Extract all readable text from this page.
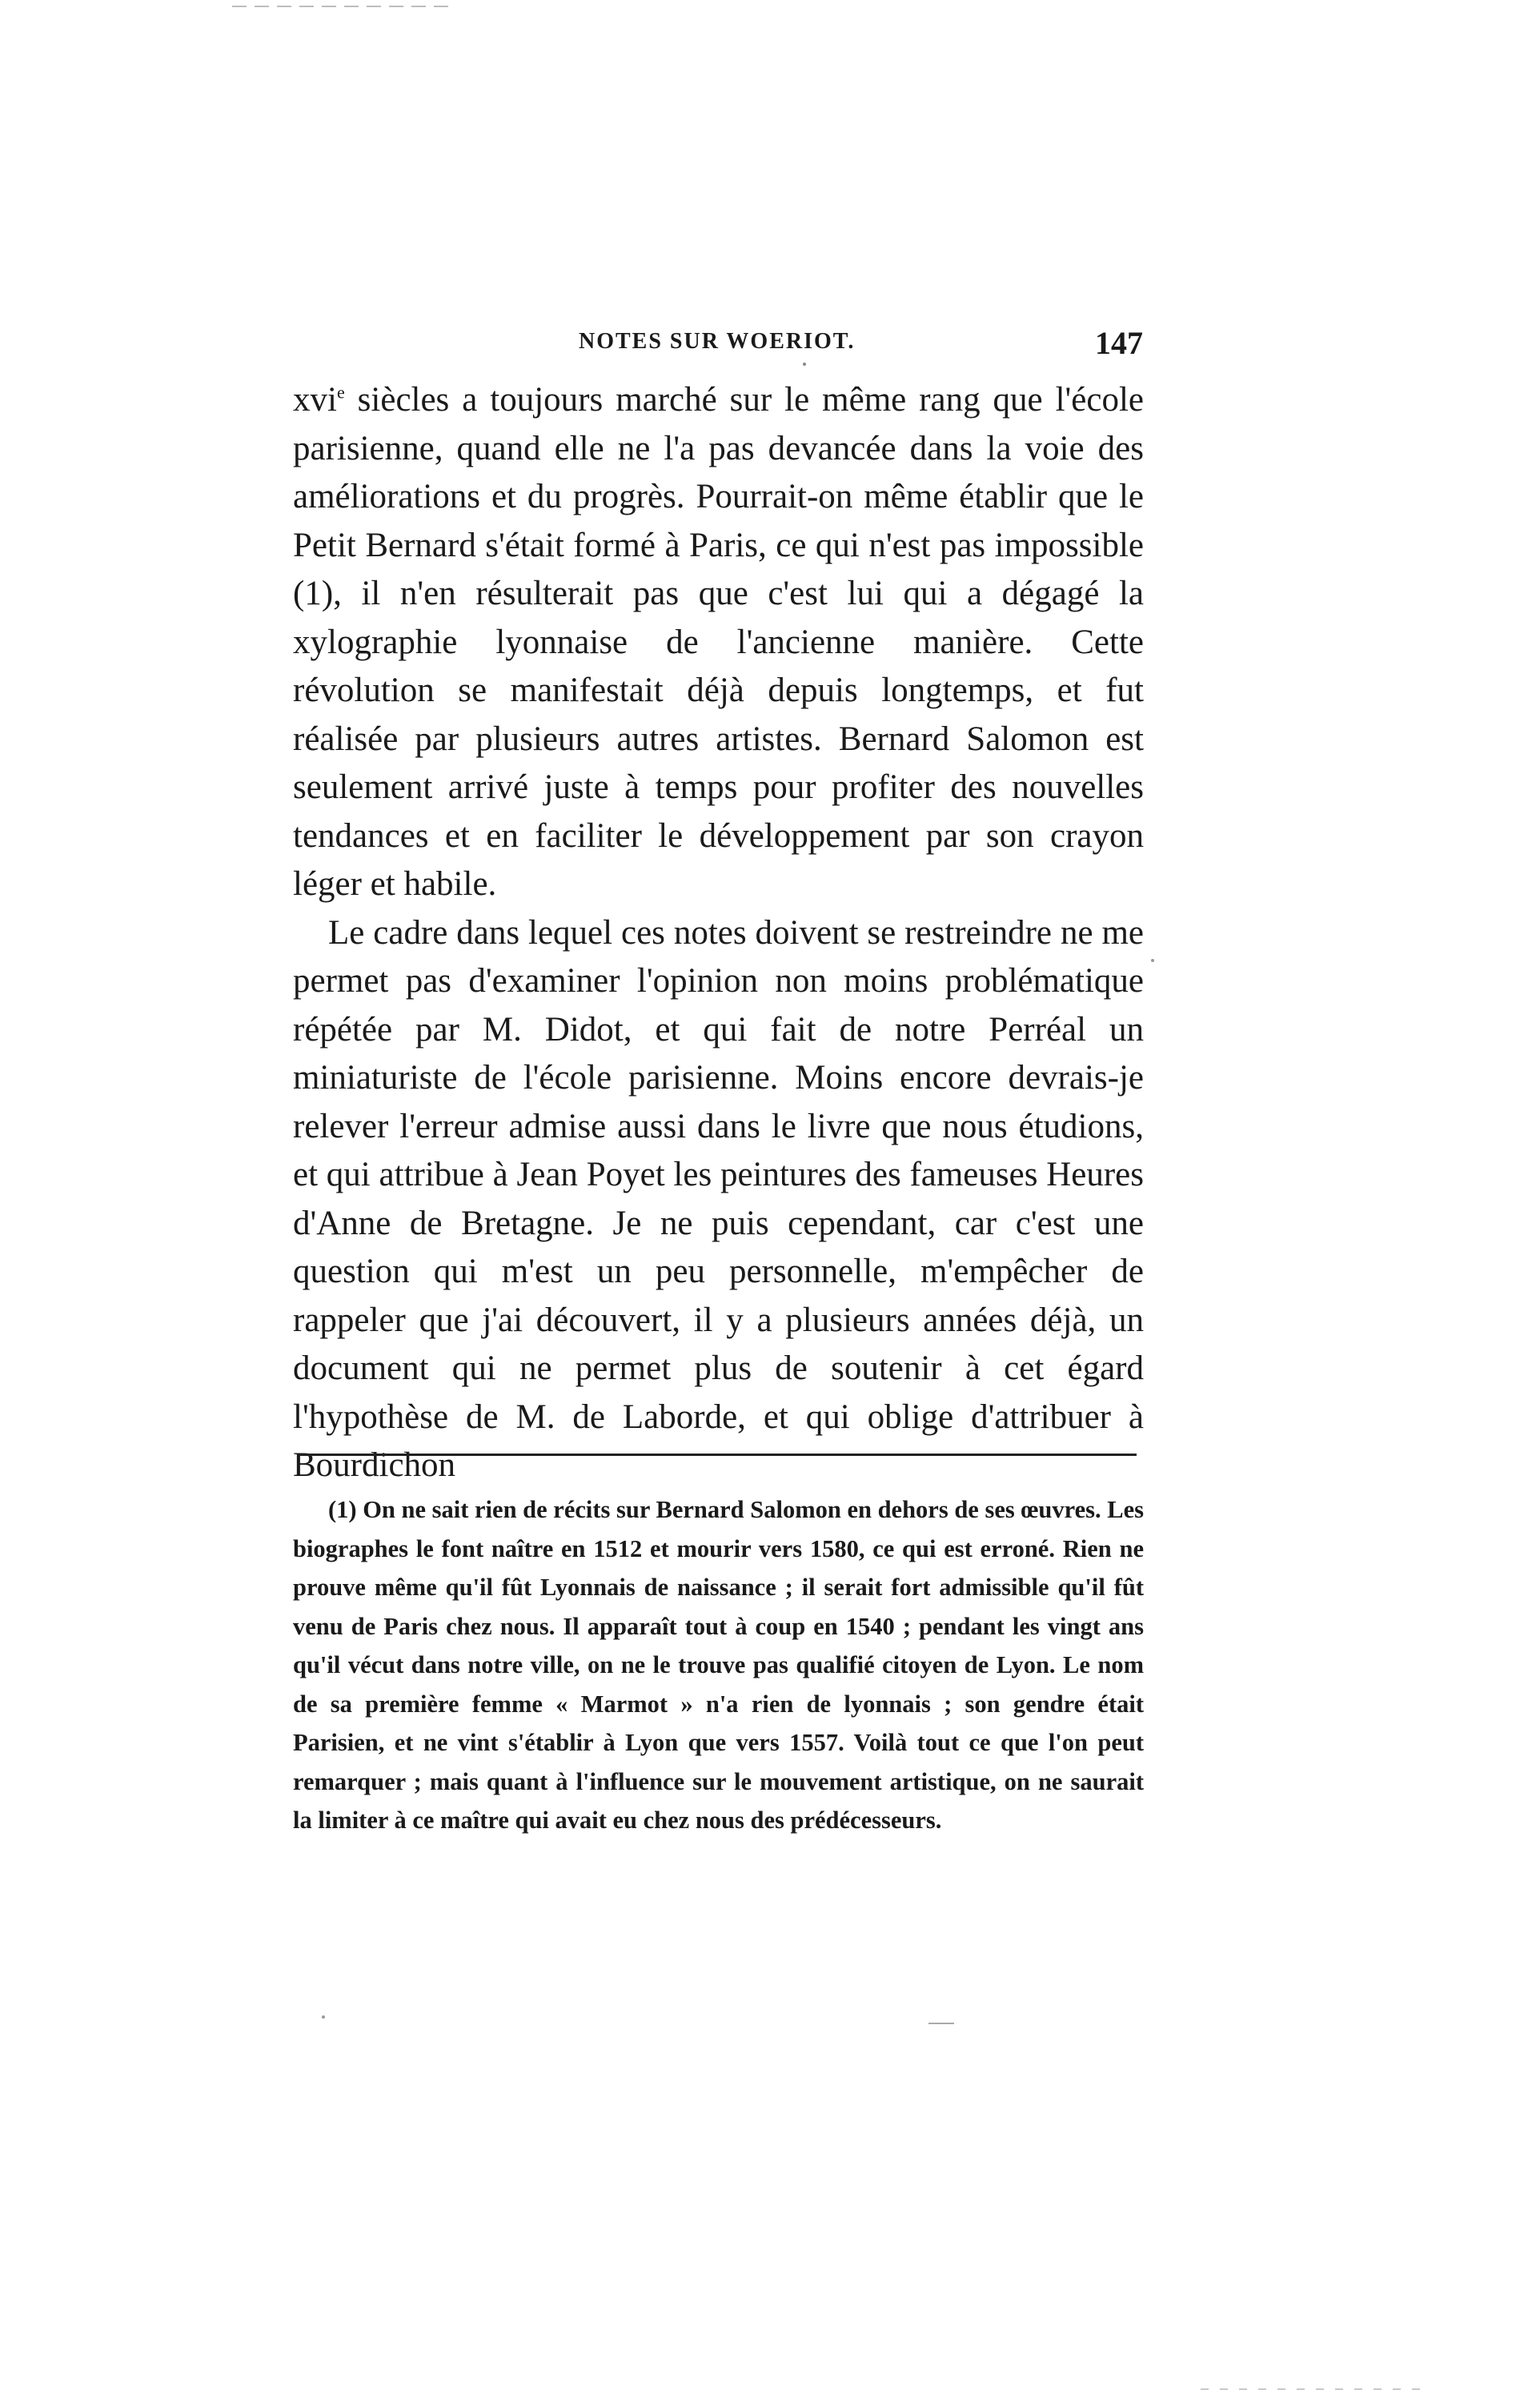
NOTES SUR WOERIOT.	147

xvi$^e$ siècles a toujours marché sur le même rang que l'école parisienne, quand elle ne l'a pas devancée dans la voie des améliorations et du progrès. Pourrait-on même établir que le Petit Bernard s'était formé à Paris, ce qui n'est pas impossible (1), il n'en résulterait pas que c'est lui qui a dégagé la xylographie lyonnaise de l'ancienne manière. Cette révolution se manifestait déjà depuis longtemps, et fut réalisée par plusieurs autres artistes. Bernard Salomon est seulement arrivé juste à temps pour profiter des nouvelles tendances et en faciliter le développement par son crayon léger et habile.

Le cadre dans lequel ces notes doivent se restreindre ne me permet pas d'examiner l'opinion non moins problématique répétée par M. Didot, et qui fait de notre Perréal un miniaturiste de l'école parisienne. Moins encore devrais-je relever l'erreur admise aussi dans le livre que nous étudions, et qui attribue à Jean Poyet les peintures des fameuses Heures d'Anne de Bretagne. Je ne puis cependant, car c'est une question qui m'est un peu personnelle, m'empêcher de rappeler que j'ai découvert, il y a plusieurs années déjà, un document qui ne permet plus de soutenir à cet égard l'hypothèse de M. de Laborde, et qui oblige d'attribuer à Bourdichon

(1) On ne sait rien de récits sur Bernard Salomon en dehors de ses œuvres. Les biographes le font naître en 1512 et mourir vers 1580, ce qui est erroné. Rien ne prouve même qu'il fût Lyonnais de naissance ; il serait fort admissible qu'il fût venu de Paris chez nous. Il apparaît tout à coup en 1540 ; pendant les vingt ans qu'il vécut dans notre ville, on ne le trouve pas qualifié citoyen de Lyon. Le nom de sa première femme « Marmot » n'a rien de lyonnais ; son gendre était Parisien, et ne vint s'établir à Lyon que vers 1557. Voilà tout ce que l'on peut remarquer ; mais quant à l'influence sur le mouvement artistique, on ne saurait la limiter à ce maître qui avait eu chez nous des prédécesseurs.
